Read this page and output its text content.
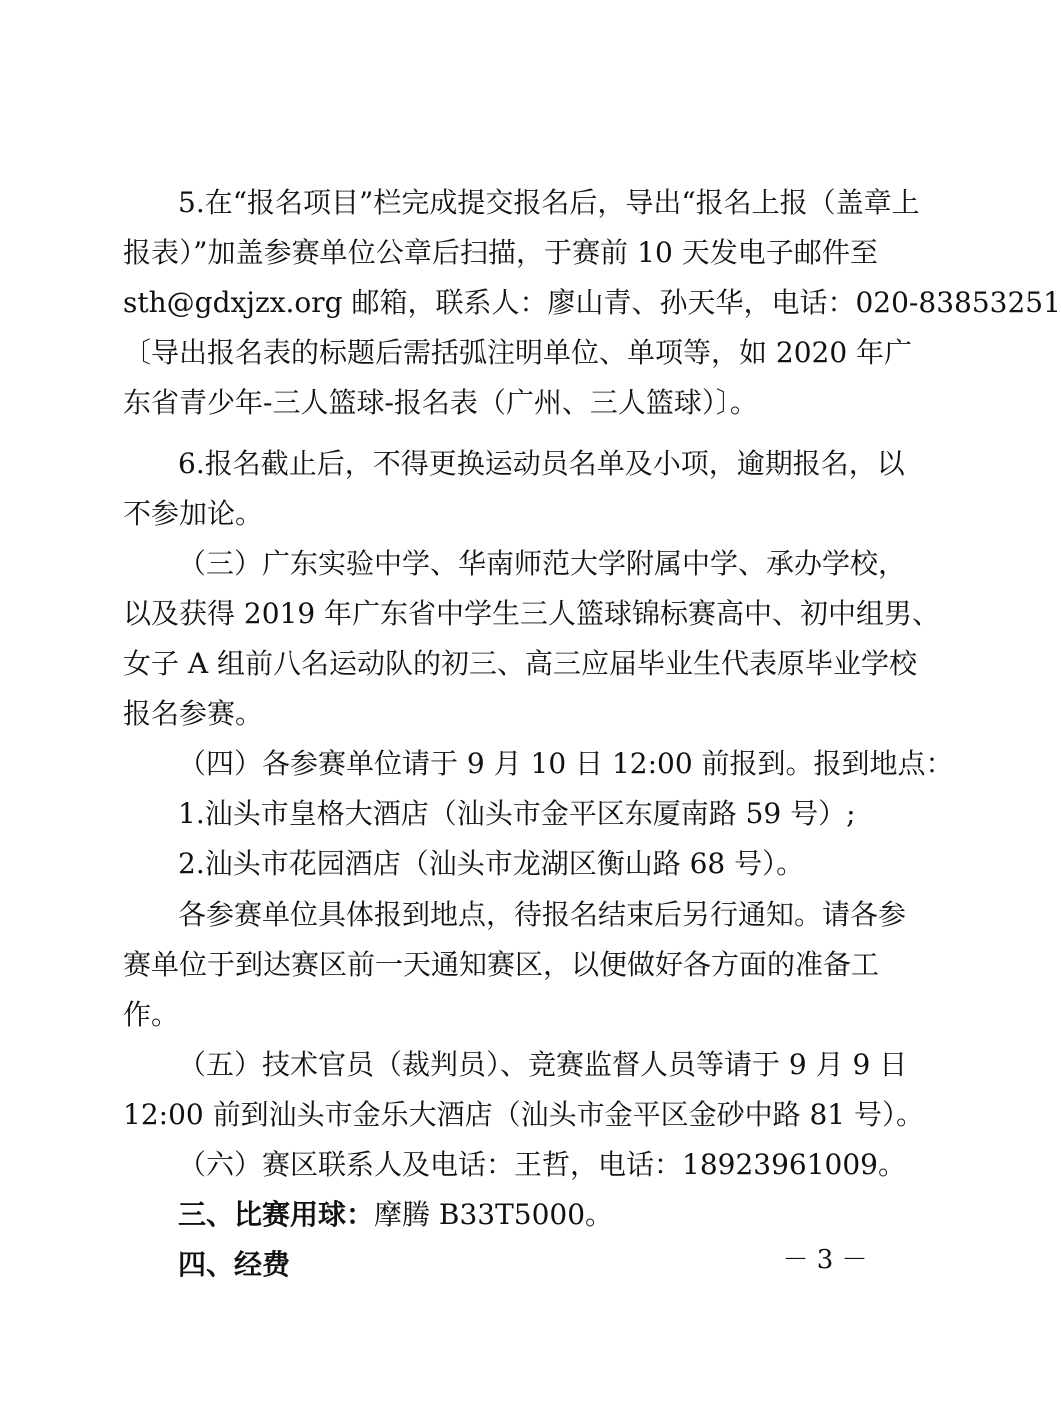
5.在“报名项目”栏完成提交报名后，导出“报名上报（盖章上
报表）”加盖参赛单位公章后扫描，于赛前 10 天发电子邮件至
sth@gdxjzx.org 邮箱，联系人：廖山青、孙天华，电话：020-83853251
〔导出报名表的标题后需括弧注明单位、单项等，如 2020 年广
东省青少年-三人篮球-报名表（广州、三人篮球）〕。
6.报名截止后，不得更换运动员名单及小项，逾期报名，以
不参加论。
（三）广东实验中学、华南师范大学附属中学、承办学校，
以及获得 2019 年广东省中学生三人篮球锦标赛高中、初中组男、
女子 A 组前八名运动队的初三、高三应届毕业生代表原毕业学校
报名参赛。
（四）各参赛单位请于 9 月 10 日 12:00 前报到。报到地点：
1.汕头市皇格大酒店（汕头市金平区东厦南路 59 号）;
2.汕头市花园酒店（汕头市龙湖区衡山路 68 号）。
各参赛单位具体报到地点，待报名结束后另行通知。请各参
赛单位于到达赛区前一天通知赛区，以便做好各方面的准备工
作。
（五）技术官员（裁判员）、竞赛监督人员等请于 9 月 9 日
12:00 前到汕头市金乐大酒店（汕头市金平区金砂中路 81 号）。
（六）赛区联系人及电话：王哲，电话：18923961009。
三、比赛用球：摩腾 B33T5000。
四、经费	－ 3 －
